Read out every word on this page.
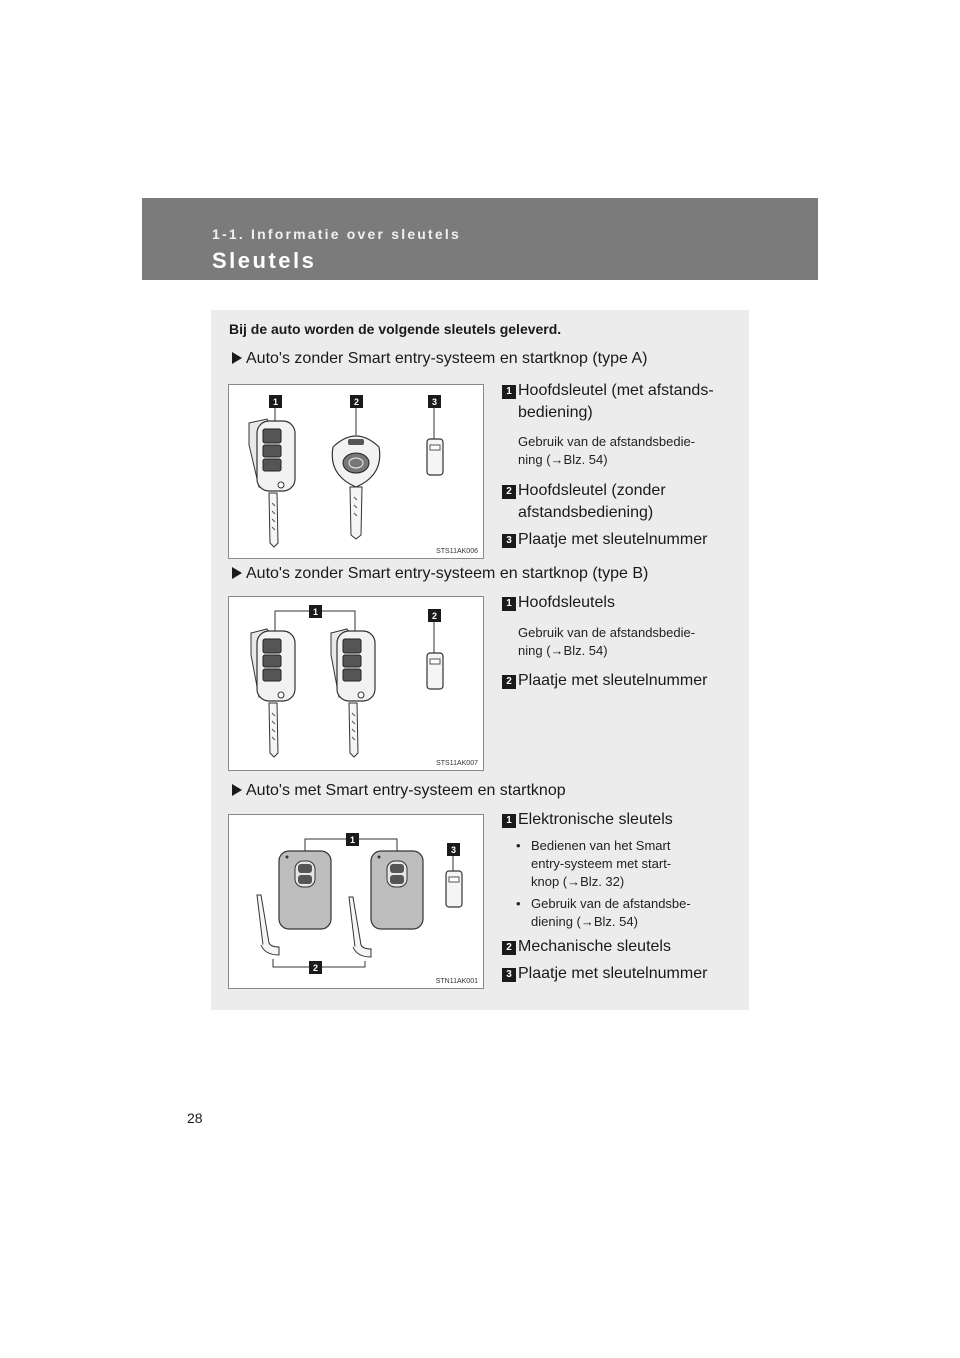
1-1. Informatie over sleutels
Sleutels
Bij de auto worden de volgende sleutels geleverd.
Auto's zonder Smart entry-systeem en startknop (type A)
1	2	3
STS11AK006
1 Hoofdsleutel (met afstands-
bediening)
Gebruik van de afstandsbedie-
ning (→Blz. 54)
2 Hoofdsleutel (zonder
afstandsbediening)
3 Plaatje met sleutelnummer
Auto's zonder Smart entry-systeem en startknop (type B)
1	2
STS11AK007
1 Hoofdsleutels
Gebruik van de afstandsbedie-
ning (→Blz. 54)
2 Plaatje met sleutelnummer
Auto's met Smart entry-systeem en startknop
1
2
3
STN11AK001
1 Elektronische sleutels
• Bedienen van het Smart
entry-systeem met start-
knop (→Blz. 32)
• Gebruik van de afstandsbe-
diening (→Blz. 54)
2 Mechanische sleutels
3 Plaatje met sleutelnummer
28
